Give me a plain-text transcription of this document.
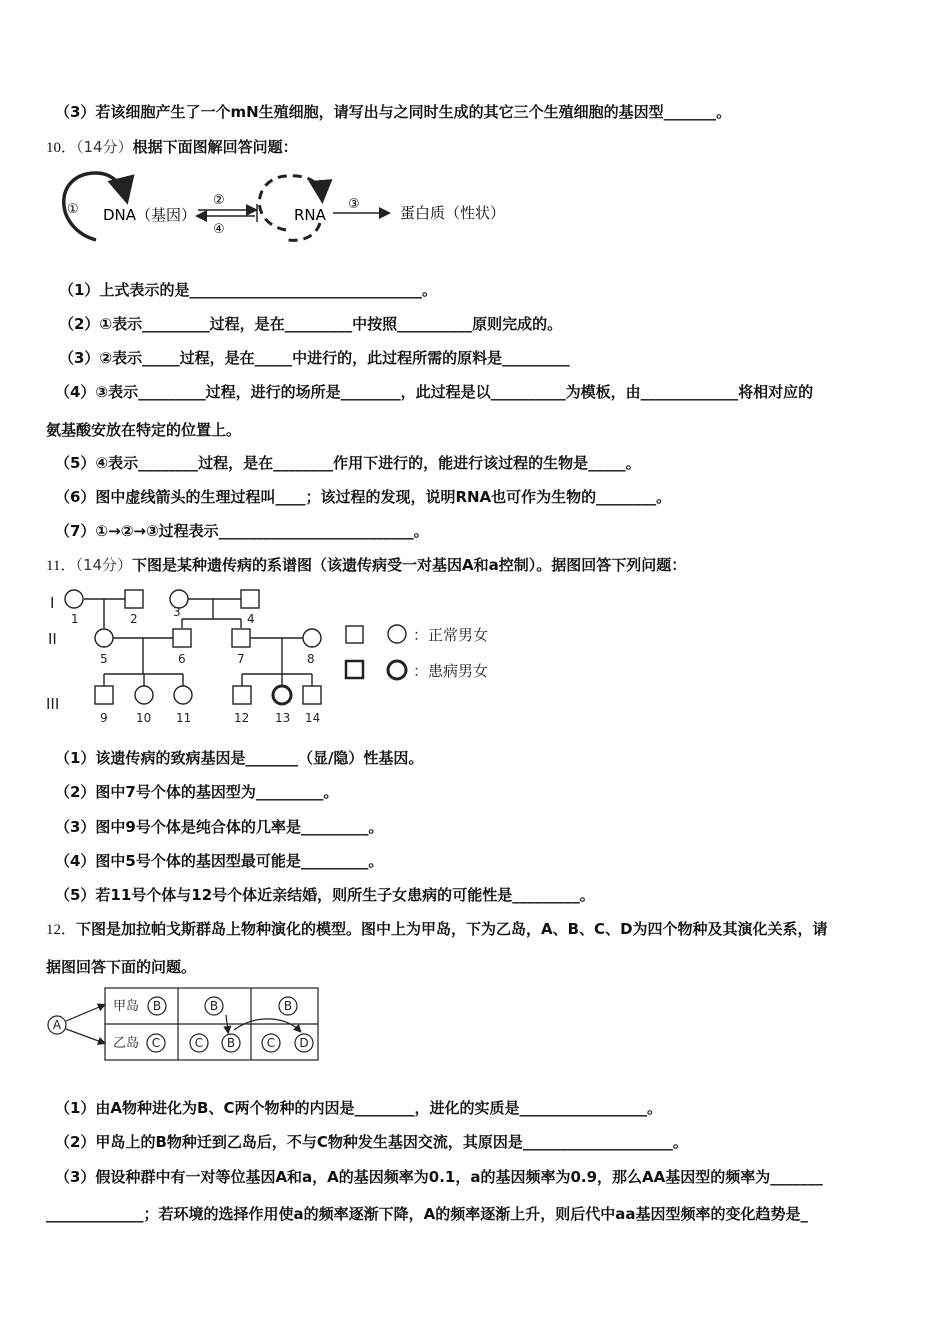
（3）若该细胞产生了一个mN生殖细胞，请写出与之同时生成的其它三个生殖细胞的基因型_______。
10．（14分）根据下面图解回答问题：
① DNA（基因）
②
④
RNA
③	蛋白质（性状）
（1）上式表示的是_______________________________。
（2）①表示_________过程，是在_________中按照__________原则完成的。
（3）②表示_____过程，是在_____中进行的，此过程所需的原料是_________
（4）③表示_________过程，进行的场所是________，此过程是以__________为模板，由_____________将相对应的
氨基酸安放在特定的位置上。
（5）④表示________过程，是在________作用下进行的，能进行该过程的生物是_____。
（6）图中虚线箭头的生理过程叫____；该过程的发现，说明RNA也可作为生物的________。
（7）①→②→③过程表示__________________________。
11．（14分）下图是某种遗传病的系谱图（该遗传病受一对基因A和a控制）。据图回答下列问题：
I
II
III
1	2	3	4
5	6	7	8
9 10 11	12 13 14
：正常男女
：患病男女
（1）该遗传病的致病基因是_______（显/隐）性基因。
（2）图中7号个体的基因型为_________。
（3）图中9号个体是纯合体的几率是_________。
（4）图中5号个体的基因型最可能是_________。
（5）若11号个体与12号个体近亲结婚，则所生子女患病的可能性是_________。
12．下图是加拉帕戈斯群岛上物种演化的模型。图中上为甲岛，下为乙岛，A、B、C、D为四个物种及其演化关系，请
据图回答下面的问题。
A
B
C
B
C B
B
C D
甲岛
乙岛
（1）由A物种进化为B、C两个物种的内因是________，进化的实质是_________________。
（2）甲岛上的B物种迁到乙岛后，不与C物种发生基因交流，其原因是____________________。
（3）假设种群中有一对等位基因A和a，A的基因频率为0.1，a的基因频率为0.9，那么AA基因型的频率为_______
_____________；若环境的选择作用使a的频率逐渐下降，A的频率逐渐上升，则后代中aa基因型频率的变化趋势是_
